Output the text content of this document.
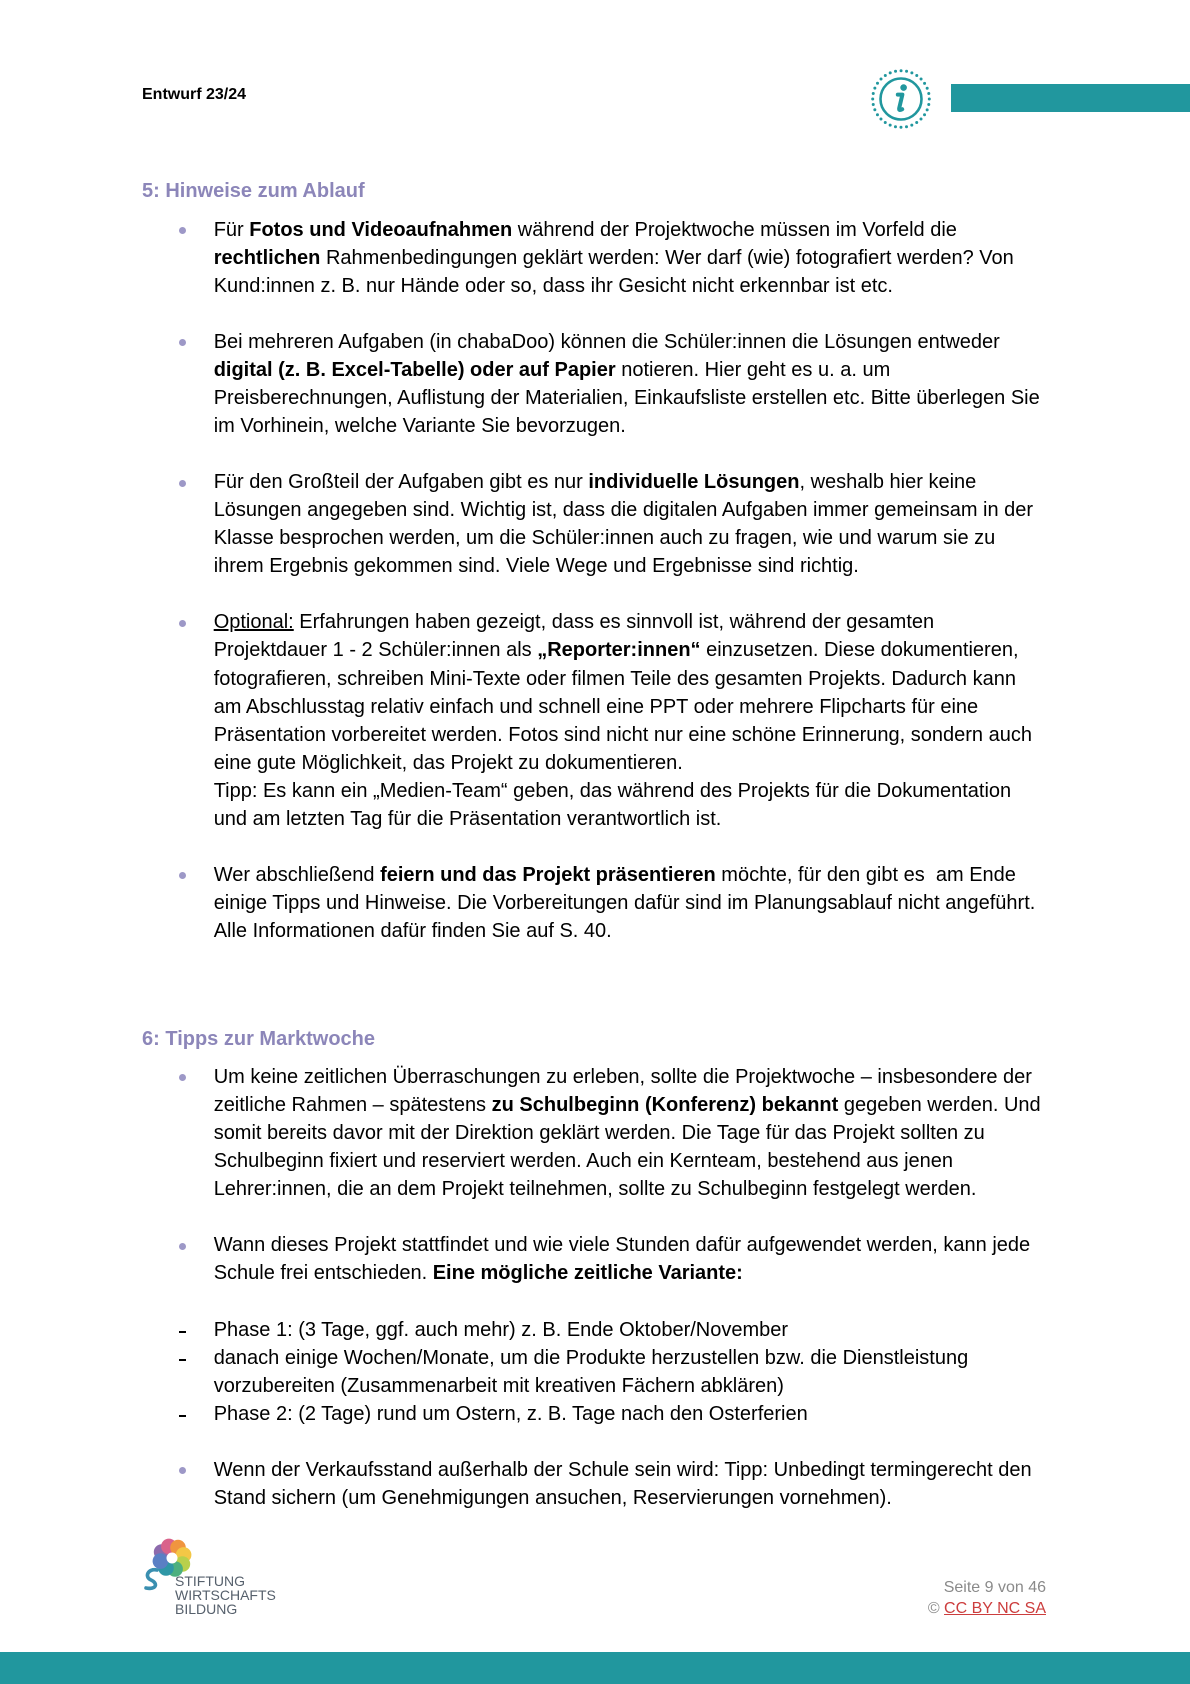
Entwurf 23/24
5: Hinweise zum Ablauf
Für Fotos und Videoaufnahmen während der Projektwoche müssen im Vorfeld die
rechtlichen Rahmenbedingungen geklärt werden: Wer darf (wie) fotografiert werden? Von
Kund:innen z. B. nur Hände oder so, dass ihr Gesicht nicht erkennbar ist etc.
Bei mehreren Aufgaben (in chabaDoo) können die Schüler:innen die Lösungen entweder
digital (z. B. Excel-Tabelle) oder auf Papier notieren. Hier geht es u. a. um
Preisberechnungen, Auflistung der Materialien, Einkaufsliste erstellen etc. Bitte überlegen Sie
im Vorhinein, welche Variante Sie bevorzugen.
Für den Großteil der Aufgaben gibt es nur individuelle Lösungen, weshalb hier keine
Lösungen angegeben sind. Wichtig ist, dass die digitalen Aufgaben immer gemeinsam in der
Klasse besprochen werden, um die Schüler:innen auch zu fragen, wie und warum sie zu
ihrem Ergebnis gekommen sind. Viele Wege und Ergebnisse sind richtig.
Optional: Erfahrungen haben gezeigt, dass es sinnvoll ist, während der gesamten
Projektdauer 1 - 2 Schüler:innen als „Reporter:innen“ einzusetzen. Diese dokumentieren,
fotografieren, schreiben Mini-Texte oder filmen Teile des gesamten Projekts. Dadurch kann
am Abschlusstag relativ einfach und schnell eine PPT oder mehrere Flipcharts für eine
Präsentation vorbereitet werden. Fotos sind nicht nur eine schöne Erinnerung, sondern auch
eine gute Möglichkeit, das Projekt zu dokumentieren.
Tipp: Es kann ein „Medien-Team“ geben, das während des Projekts für die Dokumentation
und am letzten Tag für die Präsentation verantwortlich ist.
Wer abschließend feiern und das Projekt präsentieren möchte, für den gibt es  am Ende
einige Tipps und Hinweise. Die Vorbereitungen dafür sind im Planungsablauf nicht angeführt.
Alle Informationen dafür finden Sie auf S. 40.
6: Tipps zur Marktwoche
Um keine zeitlichen Überraschungen zu erleben, sollte die Projektwoche – insbesondere der
zeitliche Rahmen – spätestens zu Schulbeginn (Konferenz) bekannt gegeben werden. Und
somit bereits davor mit der Direktion geklärt werden. Die Tage für das Projekt sollten zu
Schulbeginn fixiert und reserviert werden. Auch ein Kernteam, bestehend aus jenen
Lehrer:innen, die an dem Projekt teilnehmen, sollte zu Schulbeginn festgelegt werden.
Wann dieses Projekt stattfindet und wie viele Stunden dafür aufgewendet werden, kann jede
Schule frei entschieden. Eine mögliche zeitliche Variante:
Phase 1: (3 Tage, ggf. auch mehr) z. B. Ende Oktober/November
danach einige Wochen/Monate, um die Produkte herzustellen bzw. die Dienstleistung
vorzubereiten (Zusammenarbeit mit kreativen Fächern abklären)
Phase 2: (2 Tage) rund um Ostern, z. B. Tage nach den Osterferien
Wenn der Verkaufsstand außerhalb der Schule sein wird: Tipp: Unbedingt termingerecht den
Stand sichern (um Genehmigungen ansuchen, Reservierungen vornehmen).
STIFTUNG
WIRTSCHAFTS
BILDUNG
Seite 9 von 46
© CC BY NC SA
